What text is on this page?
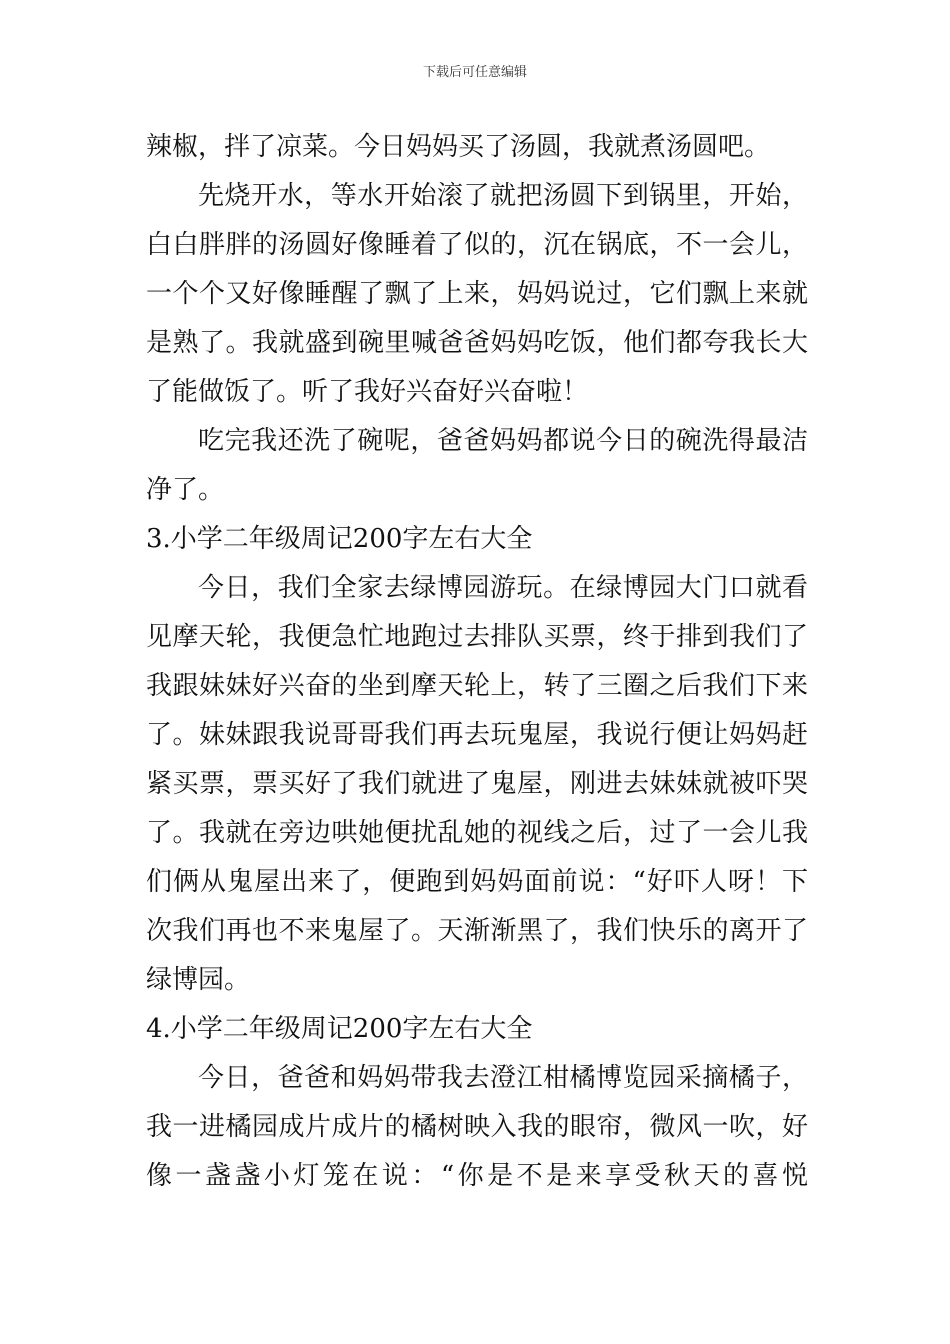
下载后可任意编辑
辣椒，拌了凉菜。今日妈妈买了汤圆，我就煮汤圆吧。
先烧开水，等水开始滚了就把汤圆下到锅里，开始，
白白胖胖的汤圆好像睡着了似的，沉在锅底，不一会儿，
一个个又好像睡醒了飘了上来，妈妈说过，它们飘上来就
是熟了。我就盛到碗里喊爸爸妈妈吃饭，他们都夸我长大
了能做饭了。听了我好兴奋好兴奋啦！
吃完我还洗了碗呢，爸爸妈妈都说今日的碗洗得最洁
净了。
3.小学二年级周记200字左右大全
今日，我们全家去绿博园游玩。在绿博园大门口就看
见摩天轮，我便急忙地跑过去排队买票，终于排到我们了
我跟妹妹好兴奋的坐到摩天轮上，转了三圈之后我们下来
了。妹妹跟我说哥哥我们再去玩鬼屋，我说行便让妈妈赶
紧买票，票买好了我们就进了鬼屋，刚进去妹妹就被吓哭
了。我就在旁边哄她便扰乱她的视线之后，过了一会儿我
们俩从鬼屋出来了，便跑到妈妈面前说：“好吓人呀！下
次我们再也不来鬼屋了。天渐渐黑了，我们快乐的离开了
绿博园。
4.小学二年级周记200字左右大全
今日，爸爸和妈妈带我去澄江柑橘博览园采摘橘子，
我一进橘园成片成片的橘树映入我的眼帘，微风一吹，好
像一盏盏小灯笼在说：“你是不是来享受秋天的喜悦
